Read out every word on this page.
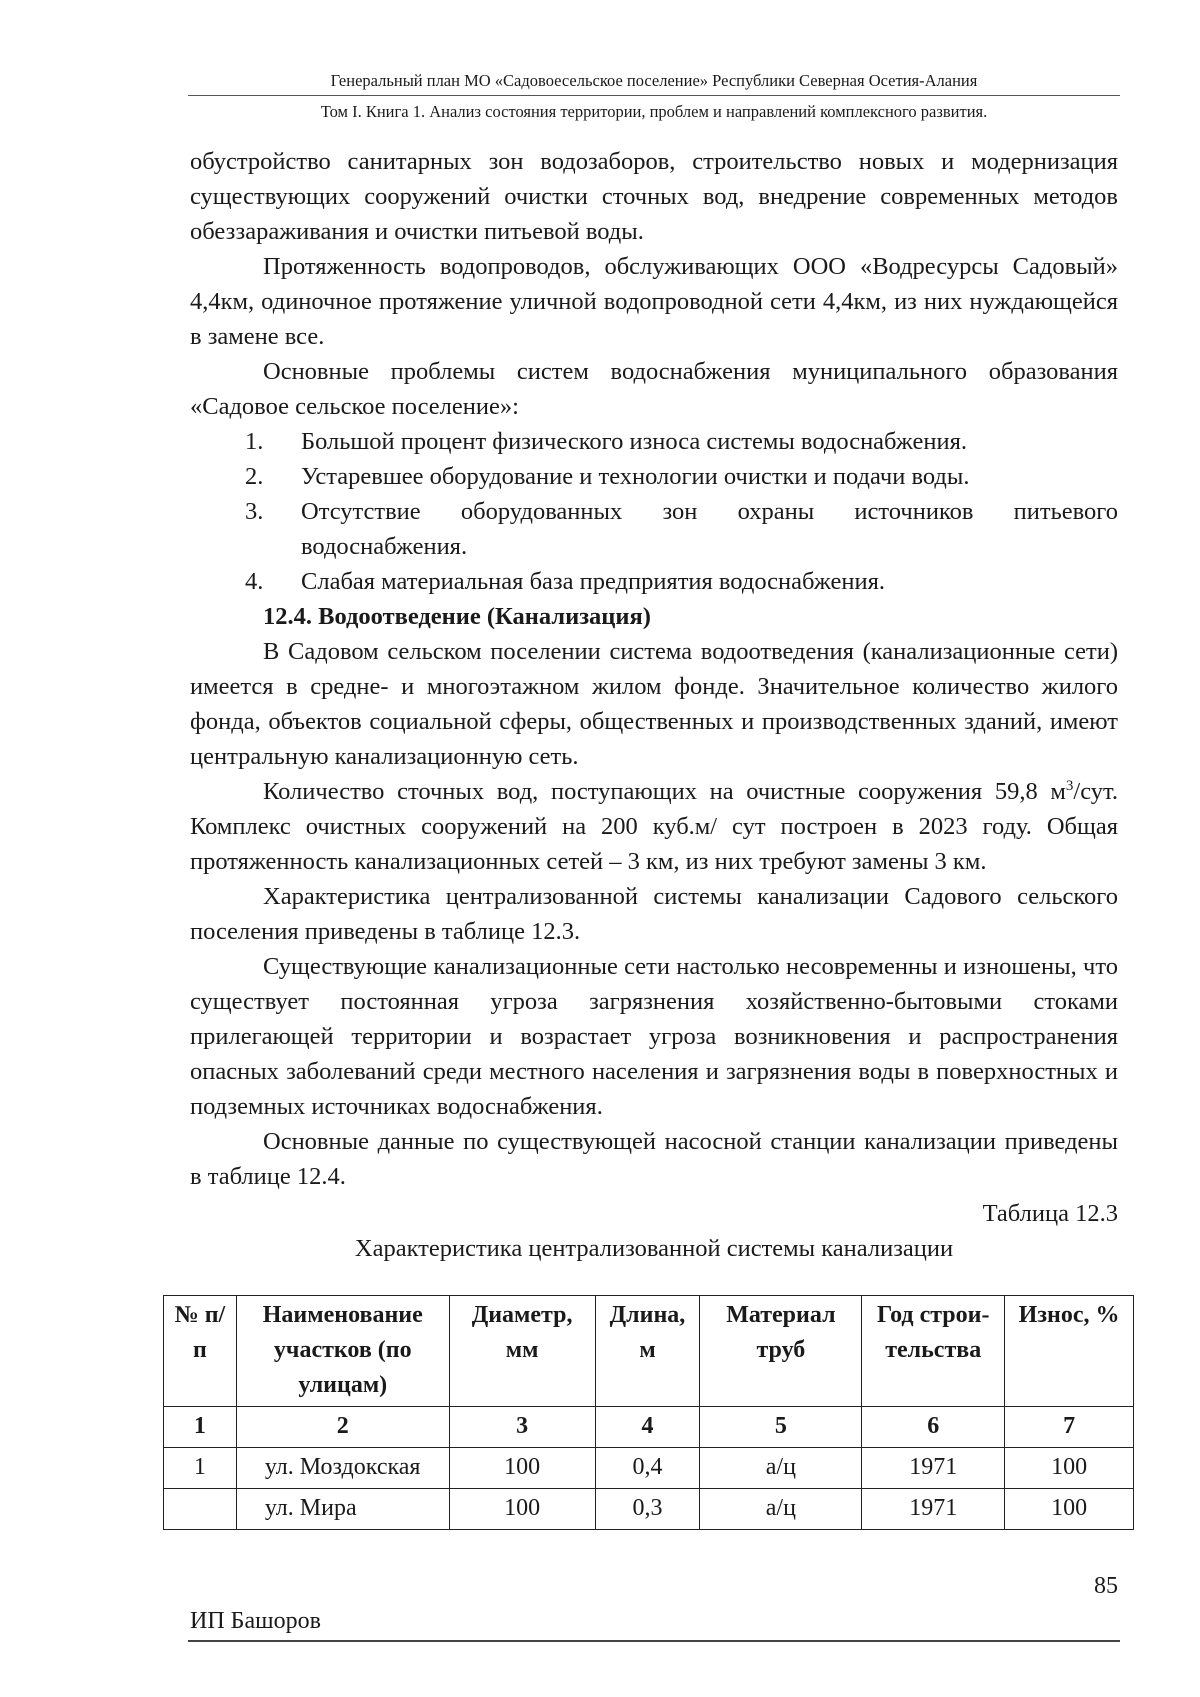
Генеральный план МО «Садовоесельское поселение» Республики Северная Осетия-Алания
Том I. Книга 1. Анализ состояния территории, проблем и направлений комплексного развития.

обустройство санитарных зон водозаборов, строительство новых и модернизация существующих сооружений очистки сточных вод, внедрение современных методов обеззараживания и очистки питьевой воды.

Протяженность водопроводов, обслуживающих ООО «Водресурсы Садовый» 4,4км, одиночное протяжение уличной водопроводной сети 4,4км, из них нуждающейся в замене все.

Основные проблемы систем водоснабжения муниципального образования «Садовое сельское поселение»:

1. Большой процент физического износа системы водоснабжения.

2. Устаревшее оборудование и технологии очистки и подачи воды.

3. Отсутствие оборудованных зон охраны источников питьевого водоснабжения.

4. Слабая материальная база предприятия водоснабжения.

12.4. Водоотведение (Канализация)

В Садовом сельском поселении система водоотведения (канализационные сети) имеется в средне- и многоэтажном жилом фонде. Значительное количество жилого фонда, объектов социальной сферы, общественных и производственных зданий, имеют центральную канализационную сеть.

Количество сточных вод, поступающих на очистные сооружения 59,8 $м^3$/сут. Комплекс очистных сооружений на 200 куб.м/ сут построен в 2023 году. Общая протяженность канализационных сетей – 3 км, из них требуют замены 3 км.

Характеристика централизованной системы канализации Садового сельского поселения приведены в таблице 12.3.

Существующие канализационные сети настолько несовременны и изношены, что существует постоянная угроза загрязнения хозяйственно-бытовыми стоками прилегающей территории и возрастает угроза возникновения и распространения опасных заболеваний среди местного населения и загрязнения воды в поверхностных и подземных источниках водоснабжения.

Основные данные по существующей насосной станции канализации приведены в таблице 12.4.

Таблица 12.3

Характеристика централизованной системы канализации

№ п/ п	Наименование участков (по улицам)	Диаметр, мм	Длина, м	Материал труб	Год строи-тельства	Износ, %
1	2	3	4	5	6	7
1	ул. Моздокская	100	0,4	а/ц	1971	100
	ул. Мира	100	0,3	а/ц	1971	100
85
ИП Башоров
